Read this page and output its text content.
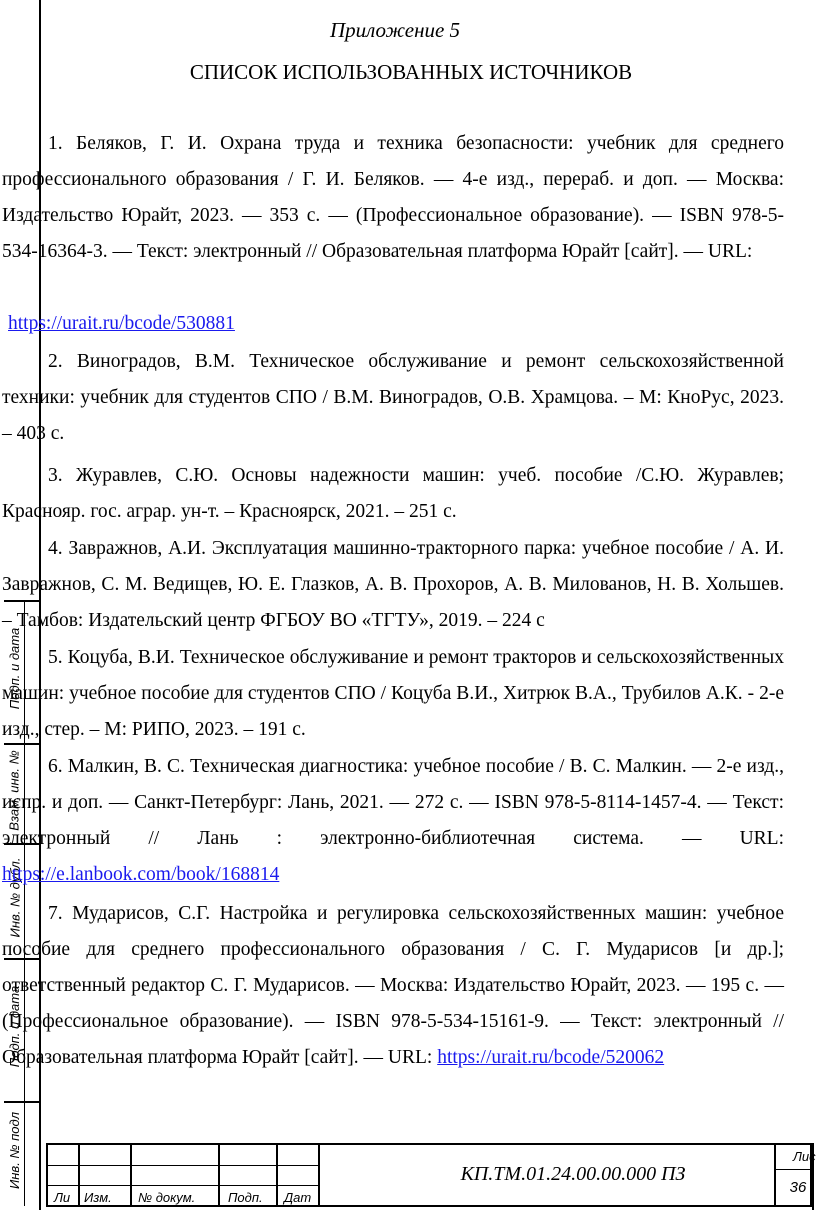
Подп. и дата
Взам. инв. №
Инв. № дубл.
Подп. и дата
Инв. № подл
Приложение 5
СПИСОК ИСПОЛЬЗОВАННЫХ ИСТОЧНИКОВ
1. Беляков, Г. И. Охрана труда и техника безопасности: учебник для среднего профессионального образования / Г. И. Беляков. — 4-е изд., перераб. и доп. — Москва: Издательство Юрайт, 2023. — 353 с. — (Профессиональное образование). — ISBN 978-5-534-16364-3. — Текст: электронный // Образовательная платформа Юрайт [сайт]. — URL:
https://urait.ru/bcode/530881
2. Виноградов, В.М. Техническое обслуживание и ремонт сельскохозяйственной техники: учебник для студентов СПО / В.М. Виноградов, О.В. Храмцова. – М: КноРус, 2023. – 403 с.
3. Журавлев, С.Ю. Основы надежности машин: учеб. пособие /С.Ю. Журавлев; Краснояр. гос. аграр. ун-т. – Красноярск, 2021. – 251 с.
4. Завражнов, А.И. Эксплуатация машинно-тракторного парка: учебное пособие / А. И. Завражнов, С. М. Ведищев, Ю. Е. Глазков, А. В. Прохоров, А. В. Милованов, Н. В. Хольшев. – Тамбов: Издательский центр ФГБОУ ВО «ТГТУ», 2019. – 224 с
5. Коцуба, В.И. Техническое обслуживание и ремонт тракторов и сельскохозяйственных машин: учебное пособие для студентов СПО / Коцуба В.И., Хитрюк В.А., Трубилов А.К. - 2-е изд., стер. – М: РИПО, 2023. – 191 с.
6. Малкин, В. С. Техническая диагностика: учебное пособие / В. С. Малкин. — 2-е изд., испр. и доп. — Санкт-Петербург: Лань, 2021. — 272 с. — ISBN 978-5-8114-1457-4. — Текст: электронный // Лань : электронно-библиотечная система. — URL: https://e.lanbook.com/book/168814
7. Мударисов, С.Г. Настройка и регулировка сельскохозяйственных машин: учебное пособие для среднего профессионального образования / С. Г. Мударисов [и др.]; ответственный редактор С. Г. Мударисов. — Москва: Издательство Юрайт, 2023. — 195 с. — (Профессиональное образование). — ISBN 978-5-534-15161-9. — Текст: электронный // Образовательная платформа Юрайт [сайт]. — URL: https://urait.ru/bcode/520062
Ли Изм. № докум.	Подп. Дат
КП.ТМ.01.24.00.00.000 ПЗ
Лис
36
